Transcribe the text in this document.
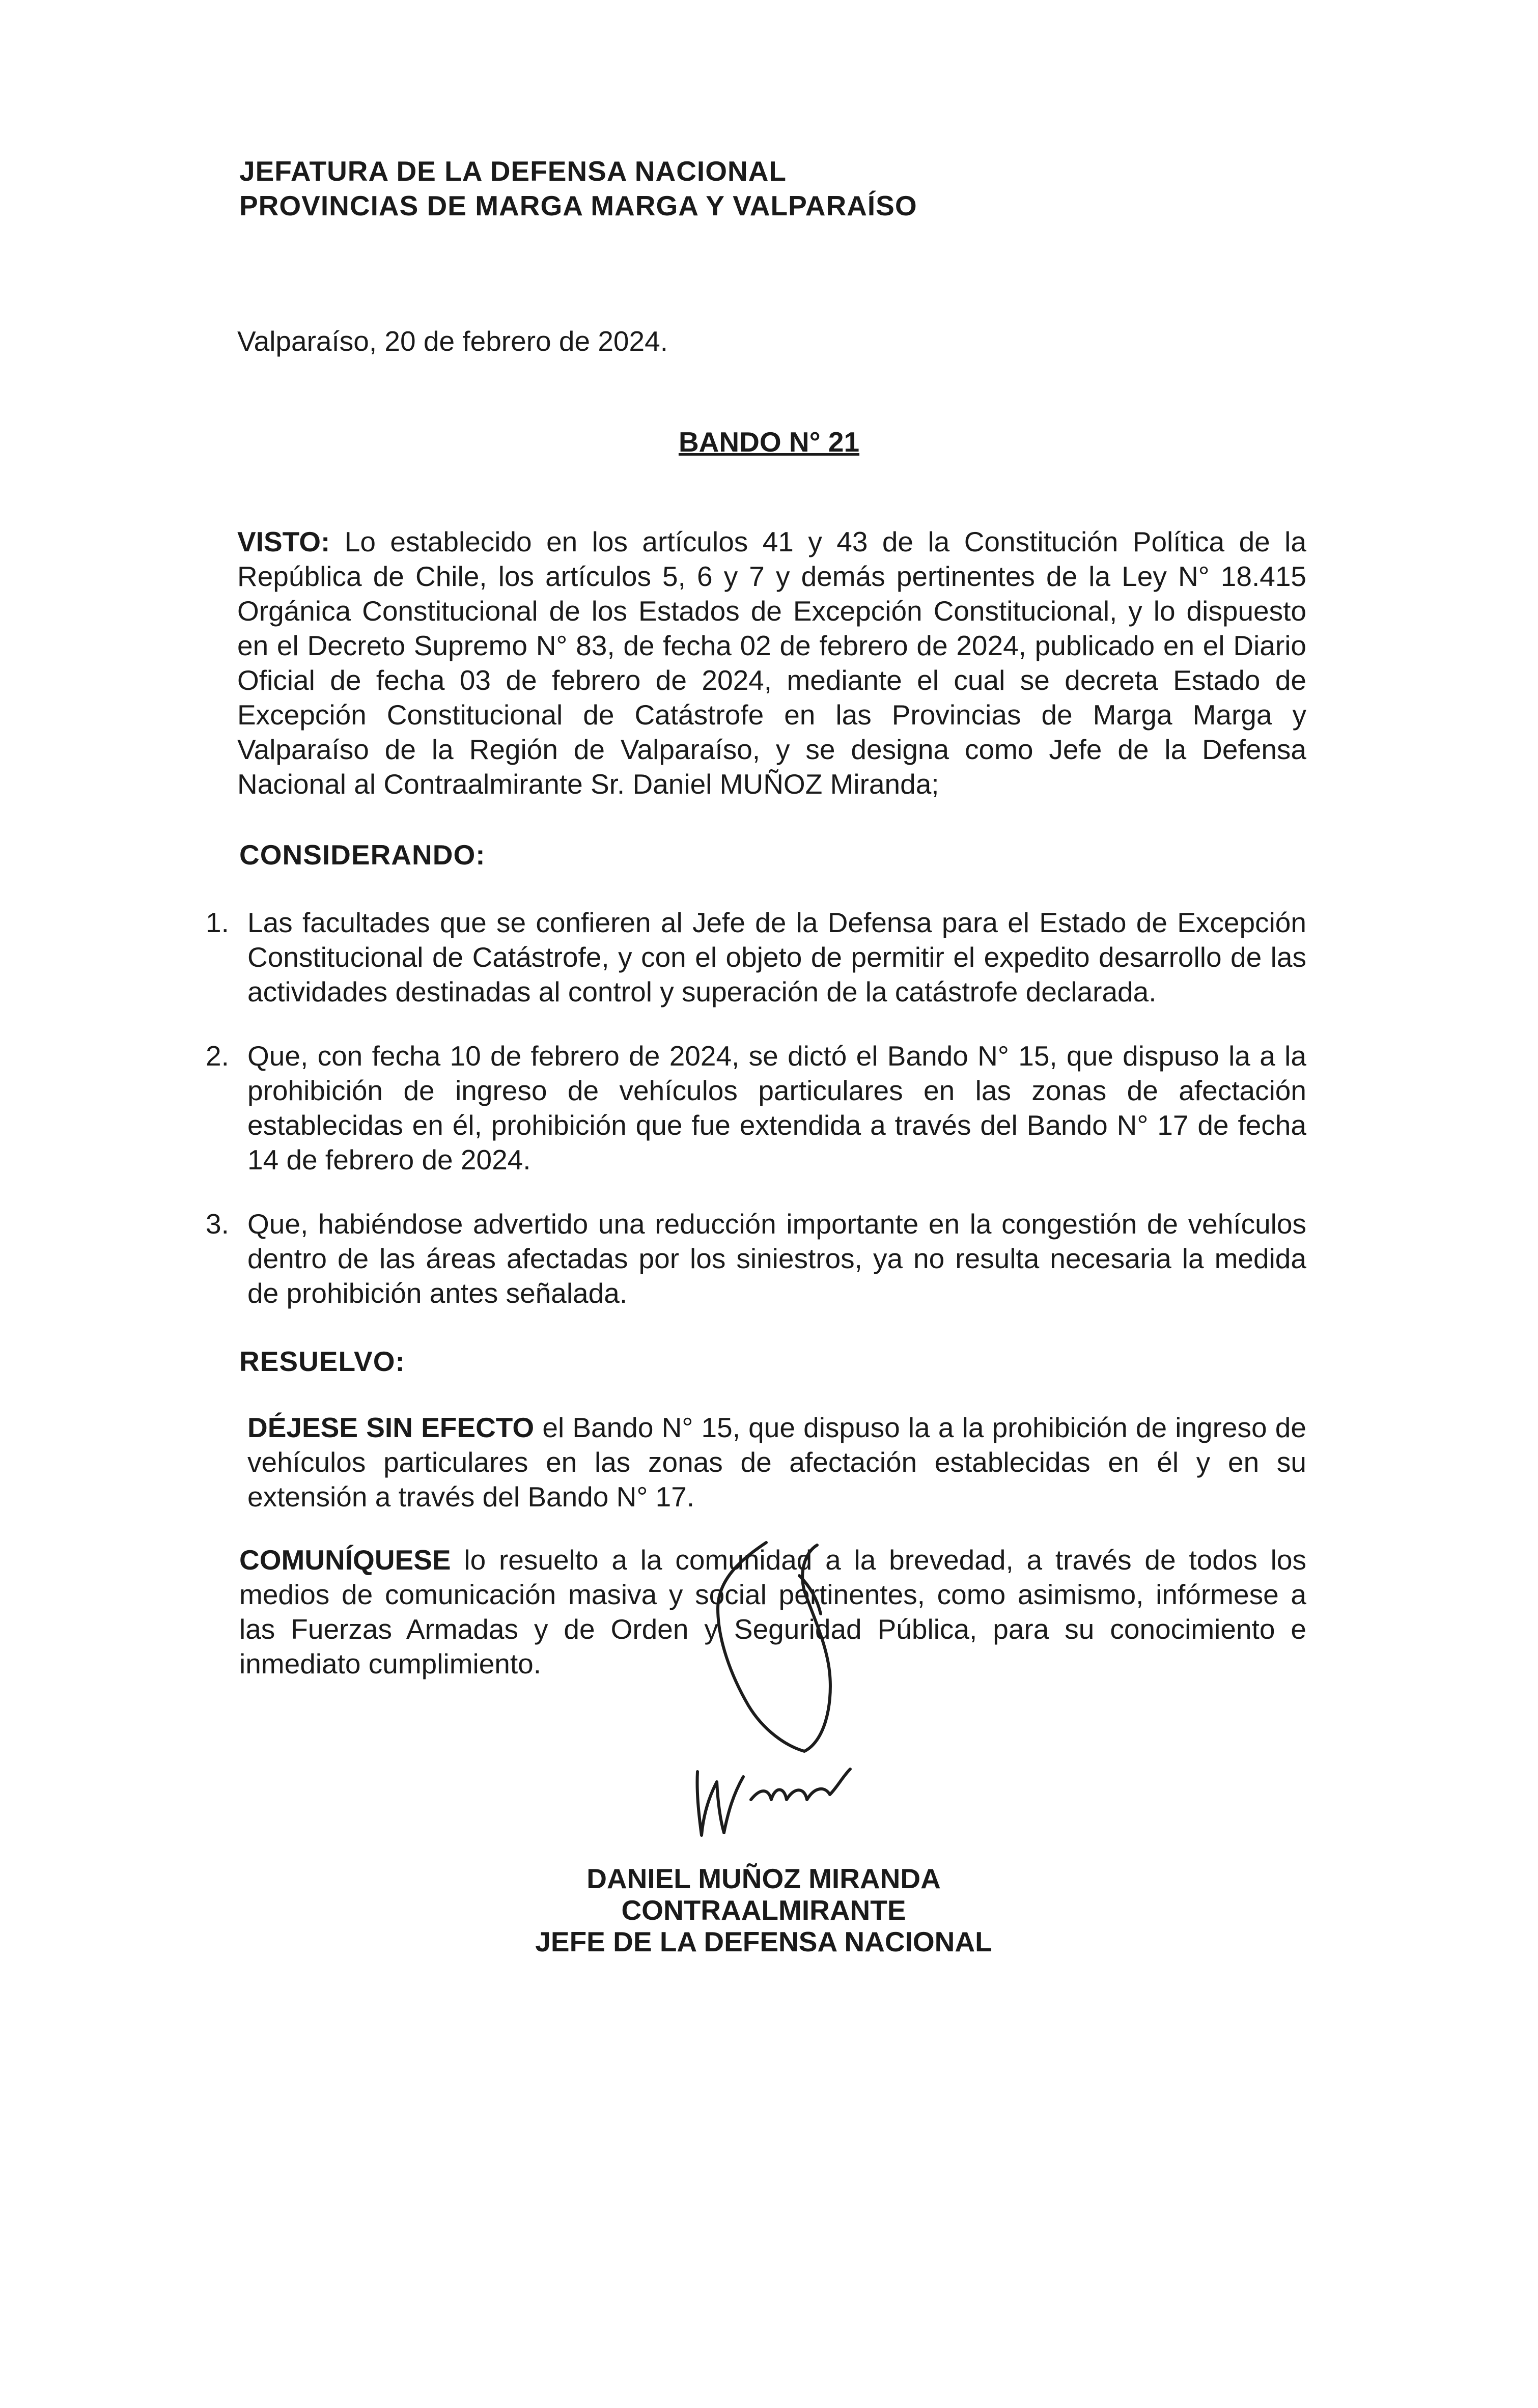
JEFATURA DE LA DEFENSA NACIONAL
PROVINCIAS DE MARGA MARGA Y VALPARAÍSO
Valparaíso, 20 de febrero de 2024.
BANDO N° 21
VISTO: Lo establecido en los artículos 41 y 43 de la Constitución Política de la República de Chile, los artículos 5, 6 y 7 y demás pertinentes de la Ley N° 18.415 Orgánica Constitucional de los Estados de Excepción Constitucional, y lo dispuesto en el Decreto Supremo N° 83, de fecha 02 de febrero de 2024, publicado en el Diario Oficial de fecha 03 de febrero de 2024, mediante el cual se decreta Estado de Excepción Constitucional de Catástrofe en las Provincias de Marga Marga y Valparaíso de la Región de Valparaíso, y se designa como Jefe de la Defensa Nacional al Contraalmirante Sr. Daniel MUÑOZ Miranda;
CONSIDERANDO:
1. Las facultades que se confieren al Jefe de la Defensa para el Estado de Excepción Constitucional de Catástrofe, y con el objeto de permitir el expedito desarrollo de las actividades destinadas al control y superación de la catástrofe declarada.
2. Que, con fecha 10 de febrero de 2024, se dictó el Bando N° 15, que dispuso la a la prohibición de ingreso de vehículos particulares en las zonas de afectación establecidas en él, prohibición que fue extendida a través del Bando N° 17 de fecha 14 de febrero de 2024.
3. Que, habiéndose advertido una reducción importante en la congestión de vehículos dentro de las áreas afectadas por los siniestros, ya no resulta necesaria la medida de prohibición antes señalada.
RESUELVO:
DÉJESE SIN EFECTO el Bando N° 15, que dispuso la a la prohibición de ingreso de vehículos particulares en las zonas de afectación establecidas en él y en su extensión a través del Bando N° 17.
COMUNÍQUESE lo resuelto a la comunidad a la brevedad, a través de todos los medios de comunicación masiva y social pertinentes, como asimismo, infórmese a las Fuerzas Armadas y de Orden y Seguridad Pública, para su conocimiento e inmediato cumplimiento.
DANIEL MUÑOZ MIRANDA
CONTRAALMIRANTE
JEFE DE LA DEFENSA NACIONAL
